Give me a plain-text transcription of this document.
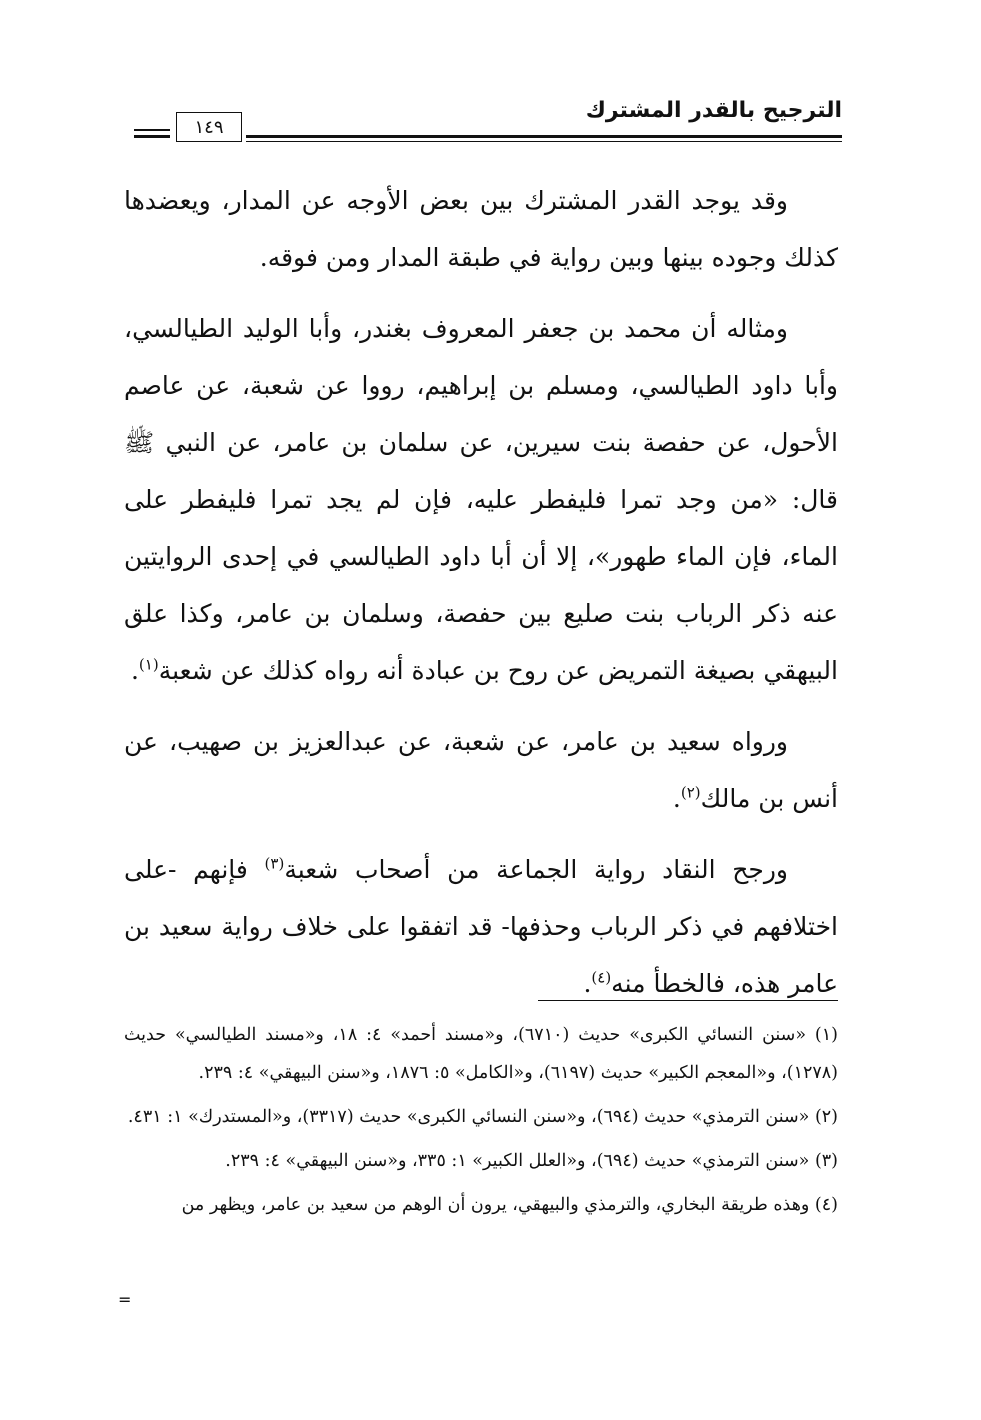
الترجيح بالقدر المشترك
١٤٩

وقد يوجد القدر المشترك بين بعض الأوجه عن المدار، ويعضدها كذلك وجوده بينها وبين رواية في طبقة المدار ومن فوقه.

ومثاله أن محمد بن جعفر المعروف بغندر، وأبا الوليد الطيالسي، وأبا داود الطيالسي، ومسلم بن إبراهيم، رووا عن شعبة، عن عاصم الأحول، عن حفصة بنت سيرين، عن سلمان بن عامر، عن النبي ﷺ قال: «من وجد تمرا فليفطر عليه، فإن لم يجد تمرا فليفطر على الماء، فإن الماء طهور»، إلا أن أبا داود الطيالسي في إحدى الروايتين عنه ذكر الرباب بنت صليع بين حفصة، وسلمان بن عامر، وكذا علق البيهقي بصيغة التمريض عن روح بن عبادة أنه رواه كذلك عن شعبة$^{(١)}$.

ورواه سعيد بن عامر، عن شعبة، عن عبدالعزيز بن صهيب، عن أنس بن مالك$^{(٢)}$.

ورجح النقاد رواية الجماعة من أصحاب شعبة$^{(٣)}$ فإنهم -على اختلافهم في ذكر الرباب وحذفها- قد اتفقوا على خلاف رواية سعيد بن عامر هذه، فالخطأ منه$^{(٤)}$.

(١) «سنن النسائي الكبرى» حديث (٦٧١٠)، و«مسند أحمد» ٤: ١٨، و«مسند الطيالسي» حديث (١٢٧٨)، و«المعجم الكبير» حديث (٦١٩٧)، و«الكامل» ٥: ١٨٧٦، و«سنن البيهقي» ٤: ٢٣٩.

(٢) «سنن الترمذي» حديث (٦٩٤)، و«سنن النسائي الكبرى» حديث (٣٣١٧)، و«المستدرك» ١: ٤٣١.

(٣) «سنن الترمذي» حديث (٦٩٤)، و«العلل الكبير» ١: ٣٣٥، و«سنن البيهقي» ٤: ٢٣٩.

(٤) وهذه طريقة البخاري، والترمذي والبيهقي، يرون أن الوهم من سعيد بن عامر، ويظهر من

=
